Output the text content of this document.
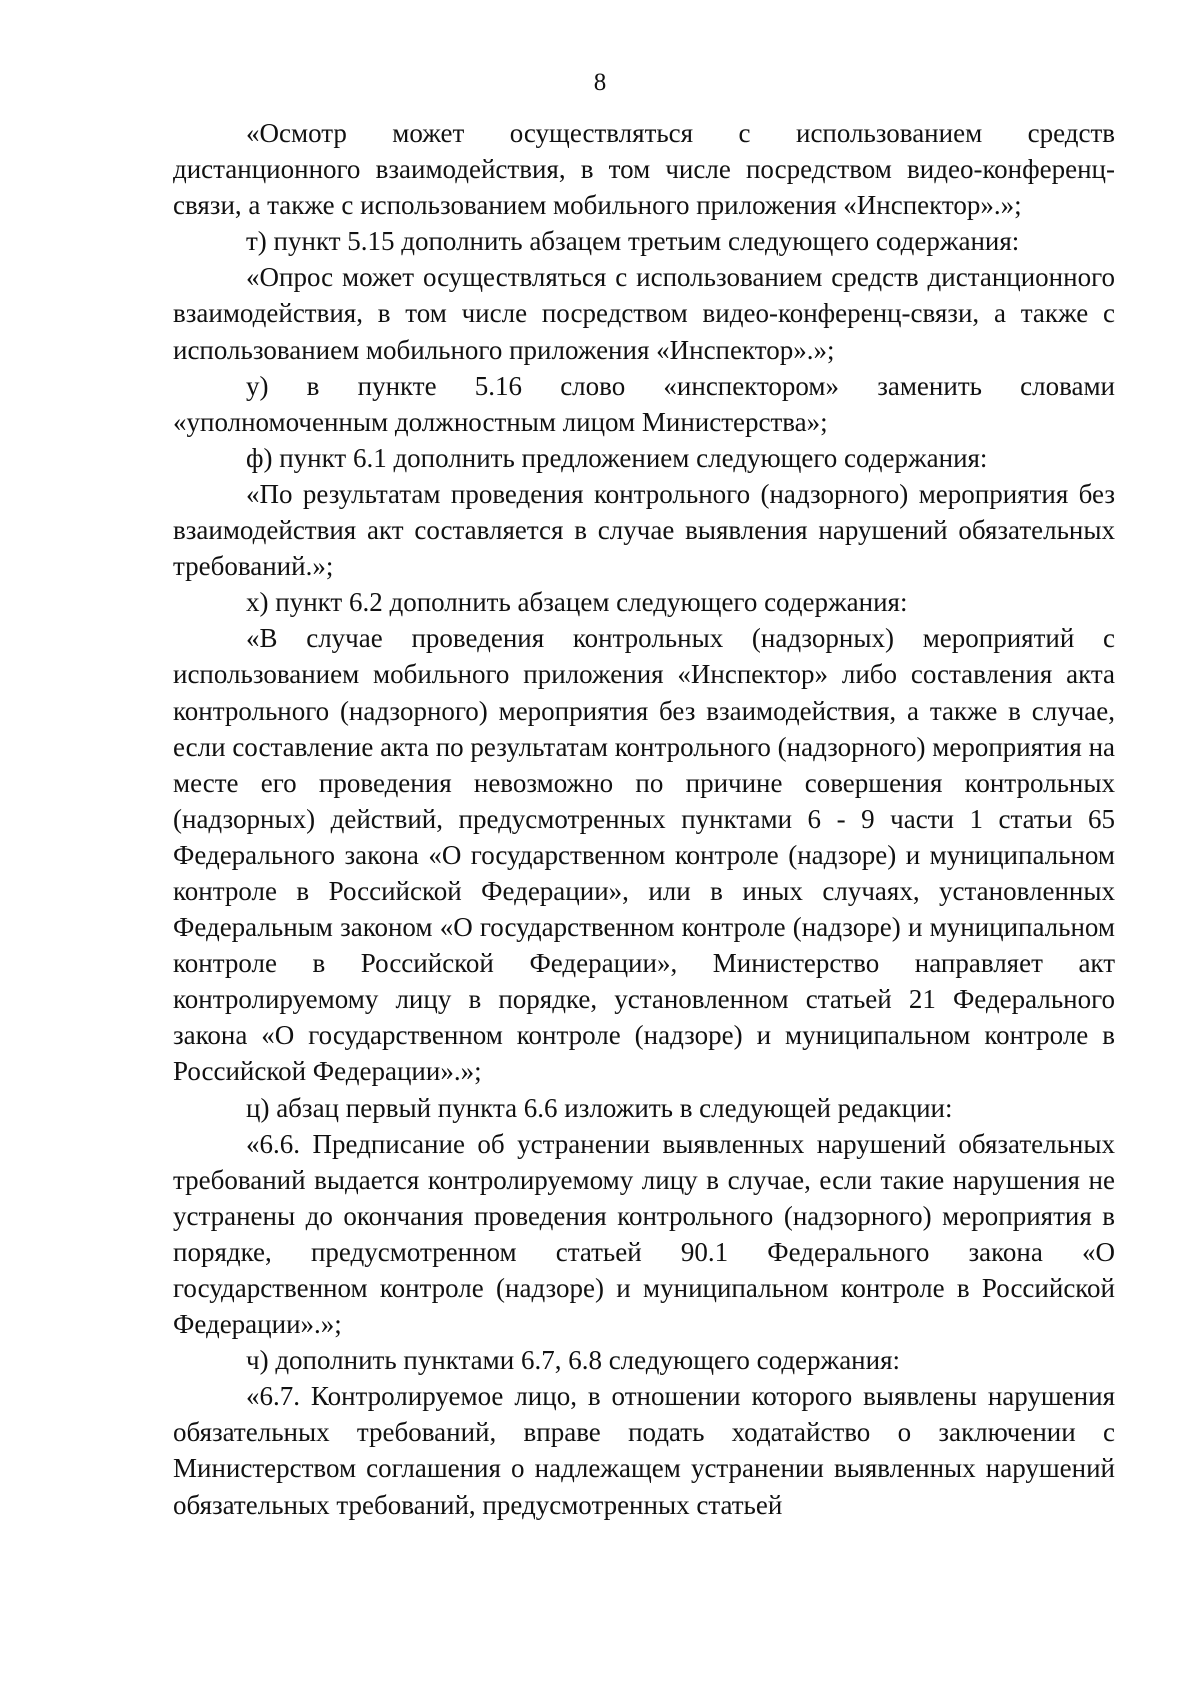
8

«Осмотр может осуществляться с использованием средств дистанционного взаимодействия, в том числе посредством видео-конференц-связи, а также с использованием мобильного приложения «Инспектор».»;

т) пункт 5.15 дополнить абзацем третьим следующего содержания:

«Опрос может осуществляться с использованием средств дистанционного взаимодействия, в том числе посредством видео-конференц-связи, а также с использованием мобильного приложения «Инспектор».»;

у) в пункте 5.16 слово «инспектором» заменить словами «уполномоченным должностным лицом Министерства»;

ф) пункт 6.1 дополнить предложением следующего содержания:

«По результатам проведения контрольного (надзорного) мероприятия без взаимодействия акт составляется в случае выявления нарушений обязательных требований.»;

х) пункт 6.2 дополнить абзацем следующего содержания:

«В случае проведения контрольных (надзорных) мероприятий с использованием мобильного приложения «Инспектор» либо составления акта контрольного (надзорного) мероприятия без взаимодействия, а также в случае, если составление акта по результатам контрольного (надзорного) мероприятия на месте его проведения невозможно по причине совершения контрольных (надзорных) действий, предусмотренных пунктами 6 - 9 части 1 статьи 65 Федерального закона «О государственном контроле (надзоре) и муниципальном контроле в Российской Федерации», или в иных случаях, установленных Федеральным законом «О государственном контроле (надзоре) и муниципальном контроле в Российской Федерации», Министерство направляет акт контролируемому лицу в порядке, установленном статьей 21 Федерального закона «О государственном контроле (надзоре) и муниципальном контроле в Российской Федерации».»;

ц) абзац первый пункта 6.6 изложить в следующей редакции:

«6.6. Предписание об устранении выявленных нарушений обязательных требований выдается контролируемому лицу в случае, если такие нарушения не устранены до окончания проведения контрольного (надзорного) мероприятия в порядке, предусмотренном статьей 90.1 Федерального закона «О государственном контроле (надзоре) и муниципальном контроле в Российской Федерации».»;

ч) дополнить пунктами 6.7, 6.8 следующего содержания:

«6.7. Контролируемое лицо, в отношении которого выявлены нарушения обязательных требований, вправе подать ходатайство о заключении с Министерством соглашения о надлежащем устранении выявленных нарушений обязательных требований, предусмотренных статьей
